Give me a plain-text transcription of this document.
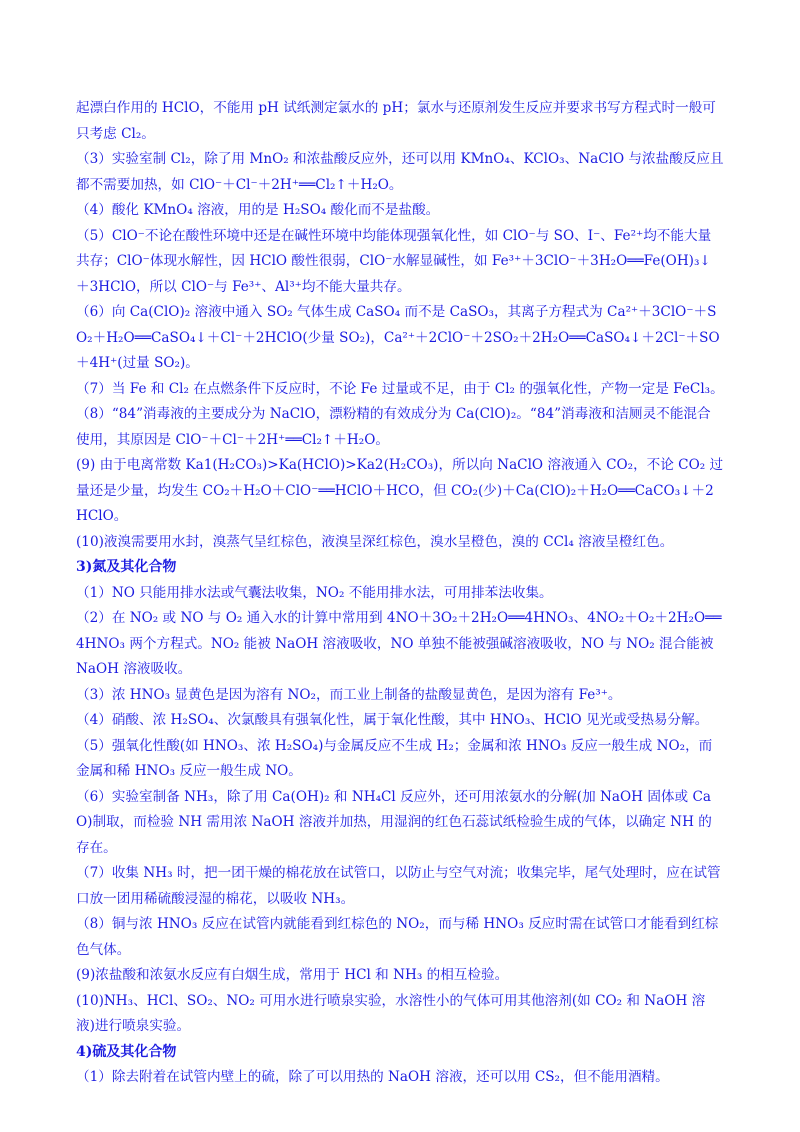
起漂白作用的 HClO，不能用 pH 试纸测定氯水的 pH；氯水与还原剂发生反应并要求书写方程式时一般可只考虑 Cl₂。

（3）实验室制 Cl₂，除了用 MnO₂ 和浓盐酸反应外，还可以用 KMnO₄、KClO₃、NaClO 与浓盐酸反应且都不需要加热，如 ClO⁻＋Cl⁻＋2H⁺══Cl₂↑＋H₂O。

（4）酸化 KMnO₄ 溶液，用的是 H₂SO₄ 酸化而不是盐酸。

（5）ClO⁻不论在酸性环境中还是在碱性环境中均能体现强氧化性，如 ClO⁻与 SO、I⁻、Fe²⁺均不能大量共存；ClO⁻体现水解性，因 HClO 酸性很弱，ClO⁻水解显碱性，如 Fe³⁺＋3ClO⁻＋3H₂O══Fe(OH)₃↓＋3HClO，所以 ClO⁻与 Fe³⁺、Al³⁺均不能大量共存。

（6）向 Ca(ClO)₂ 溶液中通入 SO₂ 气体生成 CaSO₄ 而不是 CaSO₃，其离子方程式为 Ca²⁺＋3ClO⁻＋SO₂＋H₂O══CaSO₄↓＋Cl⁻＋2HClO(少量 SO₂)，Ca²⁺＋2ClO⁻＋2SO₂＋2H₂O══CaSO₄↓＋2Cl⁻＋SO＋4H⁺(过量 SO₂)。

（7）当 Fe 和 Cl₂ 在点燃条件下反应时，不论 Fe 过量或不足，由于 Cl₂ 的强氧化性，产物一定是 FeCl₃。

（8）“84”消毒液的主要成分为 NaClO，漂粉精的有效成分为 Ca(ClO)₂。“84”消毒液和洁厕灵不能混合使用，其原因是 ClO⁻＋Cl⁻＋2H⁺══Cl₂↑＋H₂O。

(9) 由于电离常数 Ka1(H₂CO₃)>Ka(HClO)>Ka2(H₂CO₃)，所以向 NaClO 溶液通入 CO₂，不论 CO₂ 过量还是少量，均发生 CO₂＋H₂O＋ClO⁻══HClO＋HCO，但 CO₂(少)＋Ca(ClO)₂＋H₂O══CaCO₃↓＋2HClO。

(10)液溴需要用水封，溴蒸气呈红棕色，液溴呈深红棕色，溴水呈橙色，溴的 CCl₄ 溶液呈橙红色。

3)氮及其化合物

（1）NO 只能用排水法或气囊法收集，NO₂ 不能用排水法，可用排苯法收集。

（2）在 NO₂ 或 NO 与 O₂ 通入水的计算中常用到 4NO＋3O₂＋2H₂O══4HNO₃、4NO₂＋O₂＋2H₂O══4HNO₃ 两个方程式。NO₂ 能被 NaOH 溶液吸收，NO 单独不能被强碱溶液吸收，NO 与 NO₂ 混合能被 NaOH 溶液吸收。

（3）浓 HNO₃ 显黄色是因为溶有 NO₂，而工业上制备的盐酸显黄色，是因为溶有 Fe³⁺。

（4）硝酸、浓 H₂SO₄、次氯酸具有强氧化性，属于氧化性酸，其中 HNO₃、HClO 见光或受热易分解。

（5）强氧化性酸(如 HNO₃、浓 H₂SO₄)与金属反应不生成 H₂；金属和浓 HNO₃ 反应一般生成 NO₂，而金属和稀 HNO₃ 反应一般生成 NO。

（6）实验室制备 NH₃，除了用 Ca(OH)₂ 和 NH₄Cl 反应外，还可用浓氨水的分解(加 NaOH 固体或 CaO)制取，而检验 NH 需用浓 NaOH 溶液并加热，用湿润的红色石蕊试纸检验生成的气体，以确定 NH 的存在。

（7）收集 NH₃ 时，把一团干燥的棉花放在试管口，以防止与空气对流；收集完毕，尾气处理时，应在试管口放一团用稀硫酸浸湿的棉花，以吸收 NH₃。

（8）铜与浓 HNO₃ 反应在试管内就能看到红棕色的 NO₂，而与稀 HNO₃ 反应时需在试管口才能看到红棕色气体。

(9)浓盐酸和浓氨水反应有白烟生成，常用于 HCl 和 NH₃ 的相互检验。

(10)NH₃、HCl、SO₂、NO₂ 可用水进行喷泉实验，水溶性小的气体可用其他溶剂(如 CO₂ 和 NaOH 溶液)进行喷泉实验。

4)硫及其化合物

（1）除去附着在试管内壁上的硫，除了可以用热的 NaOH 溶液，还可以用 CS₂，但不能用酒精。
